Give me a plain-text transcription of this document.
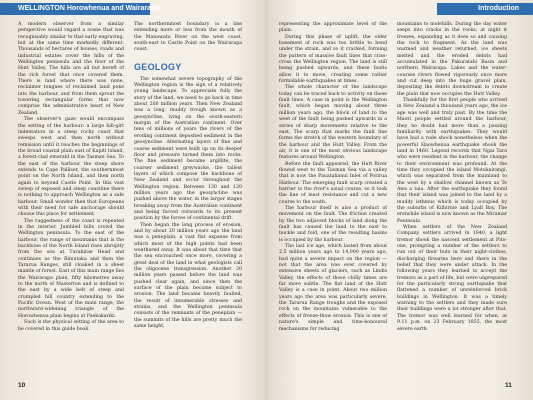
WELLINGTON Horowhenua and Wairarapa

A modern observer from a similar perspective would regard a scene that was recognisably similar to that early engraving, but at the same time markedly different. Thousands of hectares of houses, roads and industrial estates cover the hills of the Wellington peninsula and the floor of the Hutt Valley. The hills are all but bereft of the rich forest that once covered them. There is land where there was none, reclaimer tongues of reclaimed land poke into the harbour, and from them sprout the towering rectangular forms that now comprise the administrative heart of New Zealand.

The observer's gaze would encompass the setting of the harbour: a large hill-girt indentation in a steep rocky coast that sweeps west and then north without remission until it reaches the beginnings of the broad coastal plain east of Kapiti Island, a forest-clad emerald in the Tasman Sea. To the east of the harbour the steep shore extends to Cape Palliser, the southernmost point on the North Island, and then north again to beyond Castle Point. In this vast sweep of exposed and steep coastline there is nothing to approach Wellington as a safe harbour. Small wonder then that Europeans with their need for safe anchorage should choose this place for settlement.

The ruggedness of the coast is repeated in the interior. Jumbled hills crowd the Wellington peninsula. To the east of the harbour, the range of mountains that is the backbone of the North Island rises abruptly from the sea at Turakirae Head and continues as the Rimutaka and then the Tararua Ranges, still cloaked in a sheet mantle of forest. East of this main range lies the Wairarapa plain, fifty kilometres away to the north of Masterton and is defined to the east by a wide belt of steep and crumpled hill country extending to the Pacific Ocean. West of the main range, the northward-widening triangle of the Horowhenua plain begins at Paekakariki.

Such is the physical setting of the area to be covered in this guide book.

The northernmost boundary is a line extending more or less from the mouth of the Manawatu River on the west coast, south-east to Castle Point on the Wairarapa coast.

GEOLOGY

The somewhat severe topography of the Wellington region is the sign of a relatively young landscape. To appreciate fully the story of the land, we need to go back in time about 200 million years. Then New Zealand was a long, muddy trough known as a geosyncline, lying on the south-eastern margin of the Australian continent. Over tens of millions of years the rivers of the eroding continent deposited sediment in the geosyncline. Alternating layers of fine and coarse sediment were built up on its deeper floor and pressure turned them into rocks. The fine sediment became argillite, the coarser sediment greywacke, the tallest layers of which compose the backbone of New Zealand and occur throughout the Wellington region. Between 130 and 120 million years ago the geosyncline was pushed above the water, in the larger stages breaking away from the Australian continent and being forced outwards to its present position by the forces of continental drift.

Then began the long process of erosion, and by about 20 million years ago the land was a peneplain, a vast flat expanse from which most of the high points had been weathered away. It was about that time that the sea encroached once more, covering a great deal of the land in what geologists call the oligocene transgression. Another 20 million years passed before the land was pushed clear again, and since then the surface of the plain became subject to erosion. The land became heavily faulted, the result of innumerable stresses and strains, and the Wellington peninsula consists of the remnants of the peneplain — the summits of the hills are pretty much the same height,

10
Introduction

representing the approximate level of the plain.

During this phase of uplift, the older basement of rock was too brittle to bend under the strain, and so it cracked, forming the pattern of massive fault lines that criss-cross the Wellington region. The land is still being pushed upwards, and these faults allow it to move, creating some rather formidable earthquakes at times.

The whole character of the landscape today can be traced back to activity on these fault lines. A case in point is the Wellington fault, which began moving about three million years ago, the block of land to the west of the fault being pushed upwards in a series of sharp movements relative to the east. The scarp that marks the fault line forms the stretch of the western boundary of the harbour and the Hutt Valley. From the air, it is one of the most obvious landscape features around Wellington.

Before the fault appeared, the Hutt River flowed west to the Tasman Sea via a valley that is now the Pauatahanui Inlet of Porirua Harbour. The emerging fault scarp created a barrier to the river's usual course, so it took the line of least resistance and cut a new course to the south.

The harbour itself is also a product of movement on the fault. The friction created by the two adjacent blocks of land along the fault has caused the land to the east to buckle and fold, one of the resulting basins is occupied by the harbour.

The last ice age, which lasted from about 2.5 million years ago to 14,000 years ago, had quite a severe impact on the region — not that the area was ever covered by extensive sheets of glaciers, such as Lindis Valley, the effects of those chilly times are far more subtle. The flat land of the Hutt Valley is a case in point. About two million years ago the area was particularly severe, the Tararua Range troughs and the exposed rock on the mountains vulnerable to the effects of freeze-thaw erosion. This is one of nature's simple and time-honoured mechanisms for reducing

mountains to molehills. During the day water seeps into cracks in the rocks; at night it freezes, expanding as it does so and causing the rock to fragment. As the land was warmed and weather returned, ice sheets melted and the eroded debris had accumulated in the Pakuratahi Basin and northern Wairarapa. Lakes and the water-courses rivers flowed vigorously once more and cut deep into the huge gravel plain, depositing the debris downstream to create the plain that now occupies the Hutt Valley.

Thankfully for the first people who arrived in New Zealand a thousand years ago, the ice age was well and truly past. By the time the Maori people settled around the harbour, they no doubt had more than a passing familiarity with earthquakes. They would have had a rude shock nonetheless when the powerful Haowhenua earthquake shook the land in 1460. Legend records that Ngai Tara who were resident in the harbour, the change to their environment was profound. At the time they occupied the island Motukairangi, which was separated from the mainland to the west by a shallow channel known as Te Awa a taia. After the earthquake they found that their island was joined to the land by a muddy isthmus which is today occupied by the suburbs of Kilbirnie and Lyall Bay. The erstwhile island is now known as the Miramar Peninsula.

When settlers of the New Zealand Company settlers arrived in 1840, a light tremor shook the nascent settlement at Pito-one, prompting a number of the settlers to run out of their huts in their night-clothes, discharging firearms here and there in the belief that they were under attack. In the following years they learned to accept the tremors as a part of life, but were unprepared for the particularly strong earthquake that flattened a number of unreinforced brick buildings in Wellington. It was a timely warning to the settlers and they made sure their buildings were a lot stronger after that. The tremor was well learned for when, at 9.11 p.m. on 23 February 1855, the most severe earth

11
